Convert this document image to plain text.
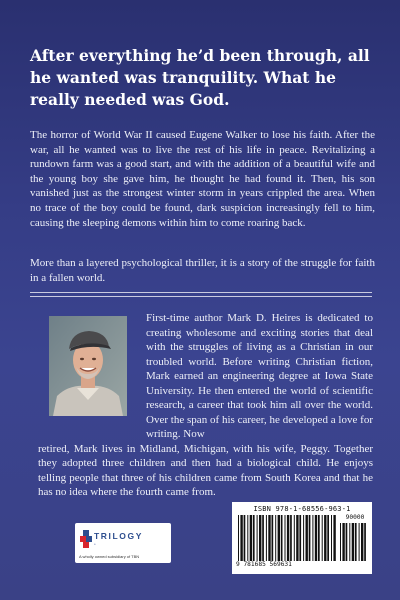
After everything he’d been through, all he wanted was tranquility. What he really needed was God.
The horror of World War II caused Eugene Walker to lose his faith. After the war, all he wanted was to live the rest of his life in peace. Revitalizing a rundown farm was a good start, and with the addition of a beautiful wife and the young boy she gave him, he thought he had found it. Then, his son vanished just as the strongest winter storm in years crippled the area. When no trace of the boy could be found, dark suspicion increasingly fell to him, causing the sleeping demons within him to come roaring back.
More than a layered psychological thriller, it is a story of the struggle for faith in a fallen world.
First-time author Mark D. Heires is dedicated to creating wholesome and exciting stories that deal with the struggles of living as a Christian in our troubled world. Before writing Christian fiction, Mark earned an engineering degree at Iowa State University. He then entered the world of scientific research, a career that took him all over the world. Over the span of his career, he developed a love for writing. Now
retired, Mark lives in Midland, Michigan, with his wife, Peggy. Together they adopted three children and then had a biological child. He enjoys telling people that three of his children came from South Korea and that he has no idea where the fourth came from.
TRILOGY
a
A wholly owned subsidiary of TBN
ISBN 978-1-68556-963-1
9 781685 569631
90000
